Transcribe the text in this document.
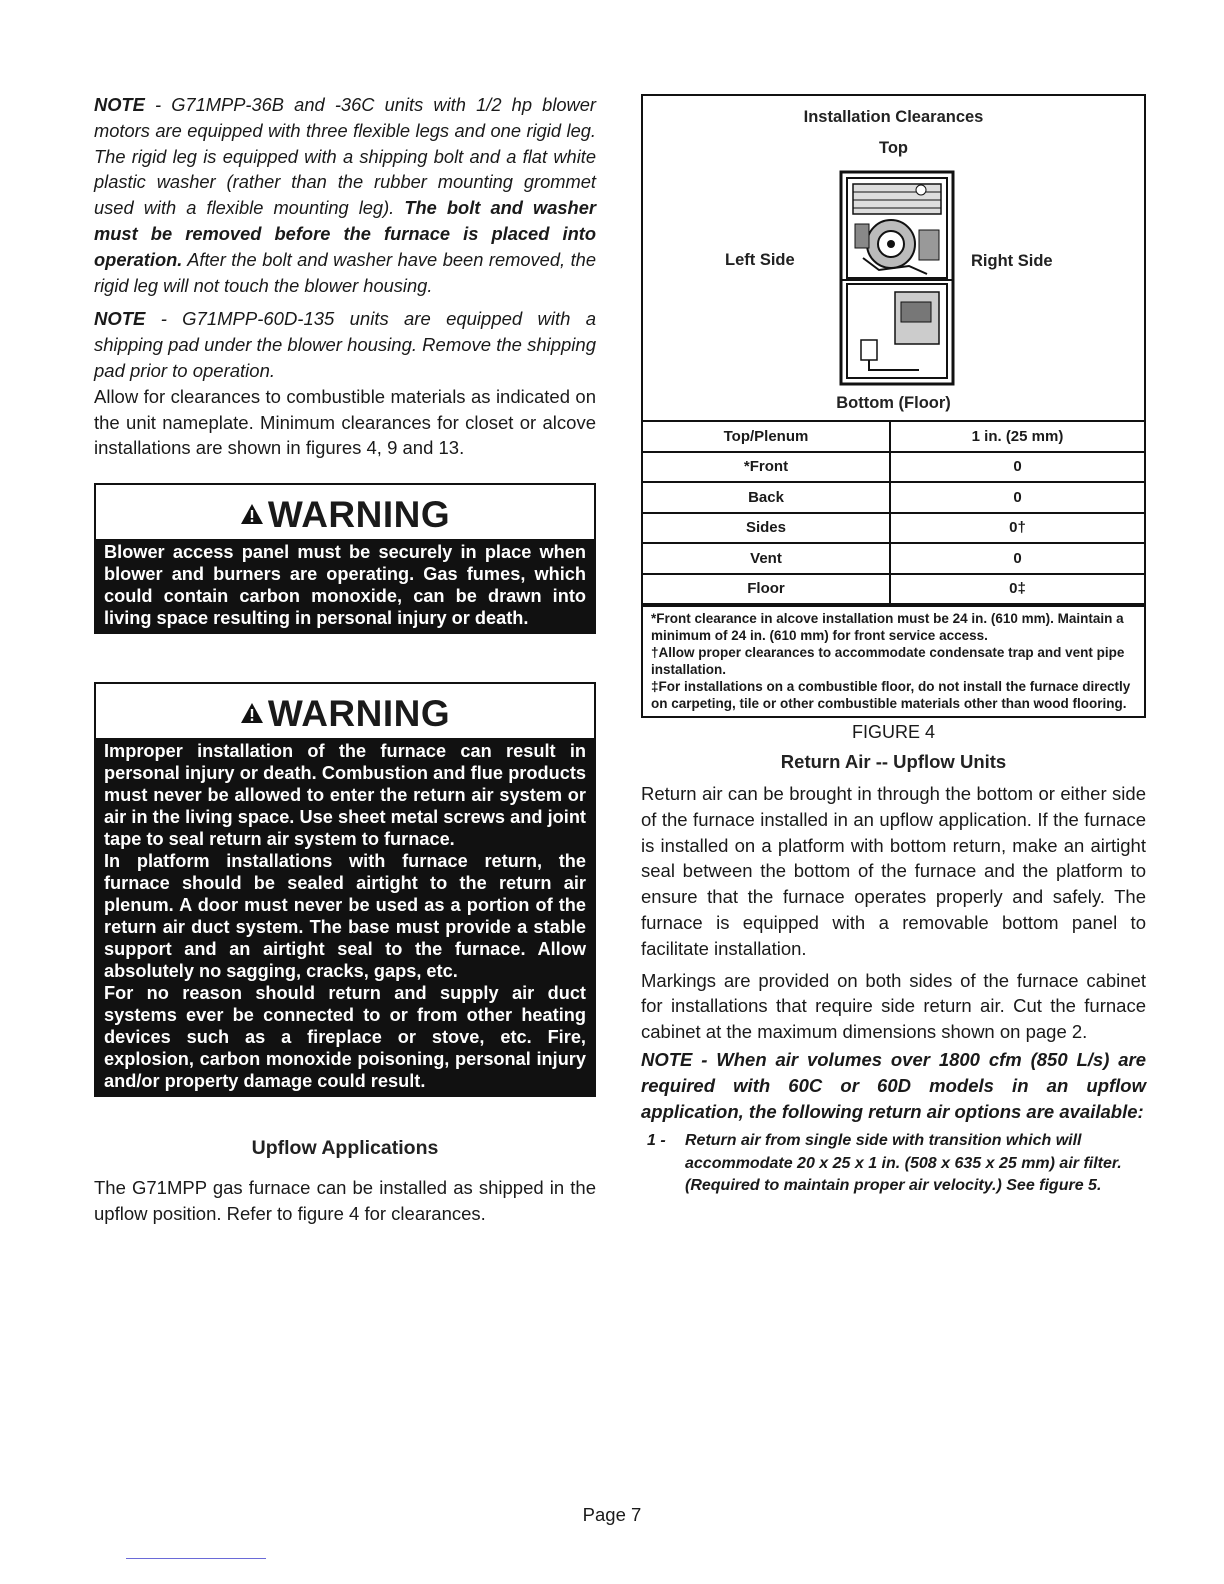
NOTE - G71MPP-36B and -36C units with 1/2 hp blower motors are equipped with three flexible legs and one rigid leg. The rigid leg is equipped with a shipping bolt and a flat white plastic washer (rather than the rubber mounting grommet used with a flexible mounting leg). The bolt and washer must be removed before the furnace is placed into operation. After the bolt and washer have been removed, the rigid leg will not touch the blower housing.

NOTE - G71MPP-60D-135 units are equipped with a shipping pad under the blower housing. Remove the shipping pad prior to operation.

Allow for clearances to combustible materials as indicated on the unit nameplate. Minimum clearances for closet or alcove installations are shown in figures 4, 9 and 13.

WARNING
Blower access panel must be securely in place when blower and burners are operating. Gas fumes, which could contain carbon monoxide, can be drawn into living space resulting in personal injury or death.
WARNING
Improper installation of the furnace can result in personal injury or death. Combustion and flue products must never be allowed to enter the return air system or air in the living space. Use sheet metal screws and joint tape to seal return air system to furnace.
In platform installations with furnace return, the furnace should be sealed airtight to the return air plenum. A door must never be used as a portion of the return air duct system. The base must provide a stable support and an airtight seal to the furnace. Allow absolutely no sagging, cracks, gaps, etc.
For no reason should return and supply air duct systems ever be connected to or from other heating devices such as a fireplace or stove, etc. Fire, explosion, carbon monoxide poisoning, personal injury and/or property damage could result.
Upflow Applications

The G71MPP gas furnace can be installed as shipped in the upflow position. Refer to figure 4 for clearances.

Installation Clearances
Top
Left Side	Right Side
Bottom (Floor)
Top/Plenum	1 in. (25 mm)
*Front	0
Back	0
Sides	0†
Vent	0
Floor	0‡
*Front clearance in alcove installation must be 24 in. (610 mm). Maintain a minimum of 24 in. (610 mm) for front service access.
†Allow proper clearances to accommodate condensate trap and vent pipe installation.
‡For installations on a combustible floor, do not install the furnace directly on carpeting, tile or other combustible materials other than wood flooring.
FIGURE 4
Return Air -- Upflow Units

Return air can be brought in through the bottom or either side of the furnace installed in an upflow application. If the furnace is installed on a platform with bottom return, make an airtight seal between the bottom of the furnace and the platform to ensure that the furnace operates properly and safely. The furnace is equipped with a removable bottom panel to facilitate installation.

Markings are provided on both sides of the furnace cabinet for installations that require side return air. Cut the furnace cabinet at the maximum dimensions shown on page 2.

NOTE - When air volumes over 1800 cfm (850 L/s) are required with 60C or 60D models in an upflow application, the following return air options are available:

1 -	Return air from single side with transition which will accommodate 20 x 25 x 1 in. (508 x 635 x 25 mm) air filter. (Required to maintain proper air velocity.) See figure 5.
Page 7
